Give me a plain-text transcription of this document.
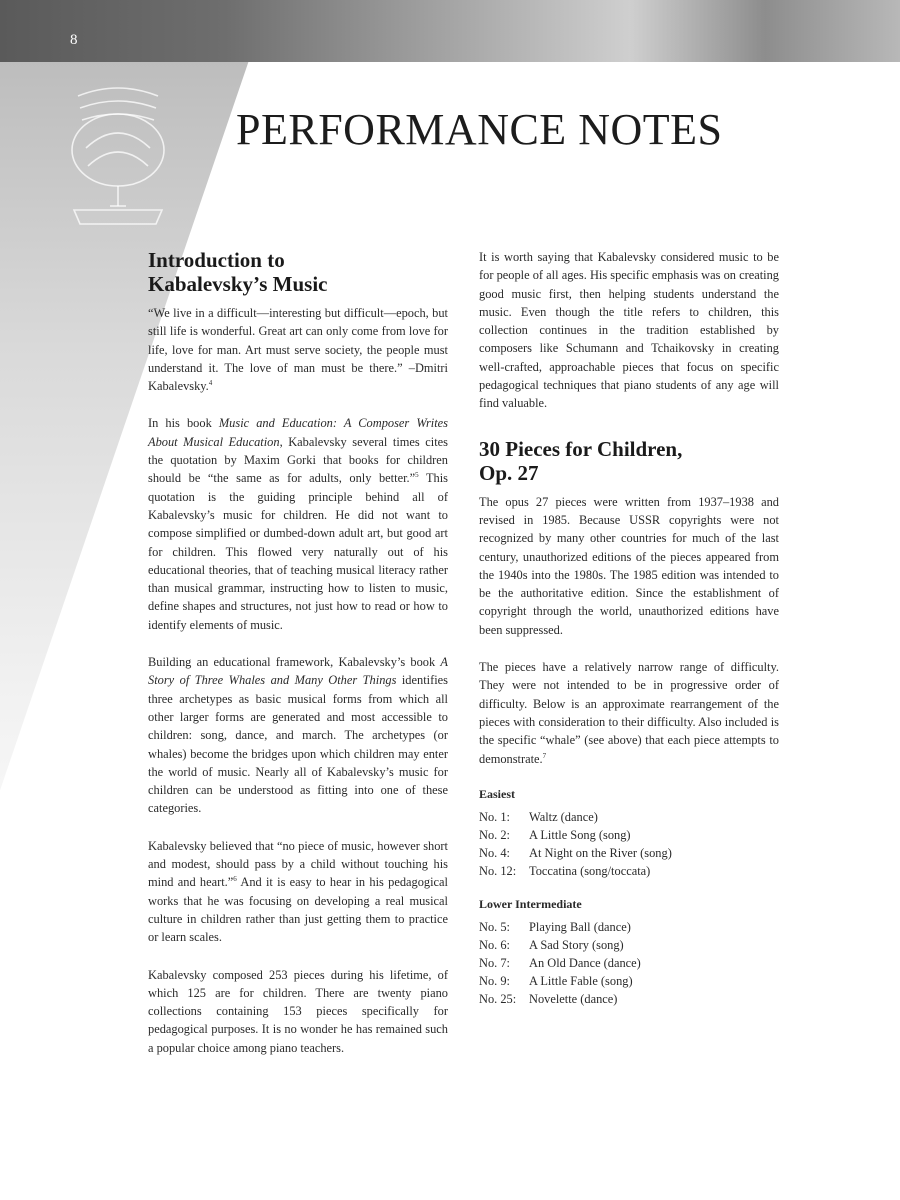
8
PERFORMANCE NOTES
Introduction to
Kabalevsky’s Music

“We live in a difficult—interesting but difficult—epoch, but still life is wonderful. Great art can only come from love for life, love for man. Art must serve society, the people must understand it. The love of man must be there.” –Dmitri Kabalevsky.$^4$

In his book Music and Education: A Composer Writes About Musical Education, Kabalevsky several times cites the quotation by Maxim Gorki that books for children should be “the same as for adults, only better.”$^5$ This quotation is the guiding principle behind all of Kabalevsky’s music for children. He did not want to compose simplified or dumbed-down adult art, but good art for children. This flowed very naturally out of his educational theories, that of teaching musical literacy rather than musical grammar, instructing how to listen to music, define shapes and structures, not just how to read or how to identify elements of music.

Building an educational framework, Kabalevsky’s book A Story of Three Whales and Many Other Things identifies three archetypes as basic musical forms from which all other larger forms are generated and most accessible to children: song, dance, and march. The archetypes (or whales) become the bridges upon which children may enter the world of music. Nearly all of Kabalevsky’s music for children can be understood as fitting into one of these categories.

Kabalevsky believed that “no piece of music, however short and modest, should pass by a child without touching his mind and heart.”$^6$ And it is easy to hear in his pedagogical works that he was focusing on developing a real musical culture in children rather than just getting them to practice or learn scales.

Kabalevsky composed 253 pieces during his lifetime, of which 125 are for children. There are twenty piano collections containing 153 pieces specifically for pedagogical purposes. It is no wonder he has remained such a popular choice among piano teachers.

It is worth saying that Kabalevsky considered music to be for people of all ages. His specific emphasis was on creating good music first, then helping students understand the music. Even though the title refers to children, this collection continues in the tradition established by composers like Schumann and Tchaikovsky in creating well-crafted, approachable pieces that focus on specific pedagogical techniques that piano students of any age will find valuable.

30 Pieces for Children,
Op. 27

The opus 27 pieces were written from 1937–1938 and revised in 1985. Because USSR copyrights were not recognized by many other countries for much of the last century, unauthorized editions of the pieces appeared from the 1940s into the 1980s. The 1985 edition was intended to be the authoritative edition. Since the establishment of copyright through the world, unauthorized editions have been suppressed.

The pieces have a relatively narrow range of difficulty. They were not intended to be in progressive order of difficulty. Below is an approximate rearrangement of the pieces with consideration to their difficulty. Also included is the specific “whale” (see above) that each piece attempts to demonstrate.$^7$

Easiest
No. 1:	Waltz (dance)
No. 2:	A Little Song (song)
No. 4:	At Night on the River (song)
No. 12:	Toccatina (song/toccata)
Lower Intermediate
No. 5:	Playing Ball (dance)
No. 6:	A Sad Story (song)
No. 7:	An Old Dance (dance)
No. 9:	A Little Fable (song)
No. 25:	Novelette (dance)
